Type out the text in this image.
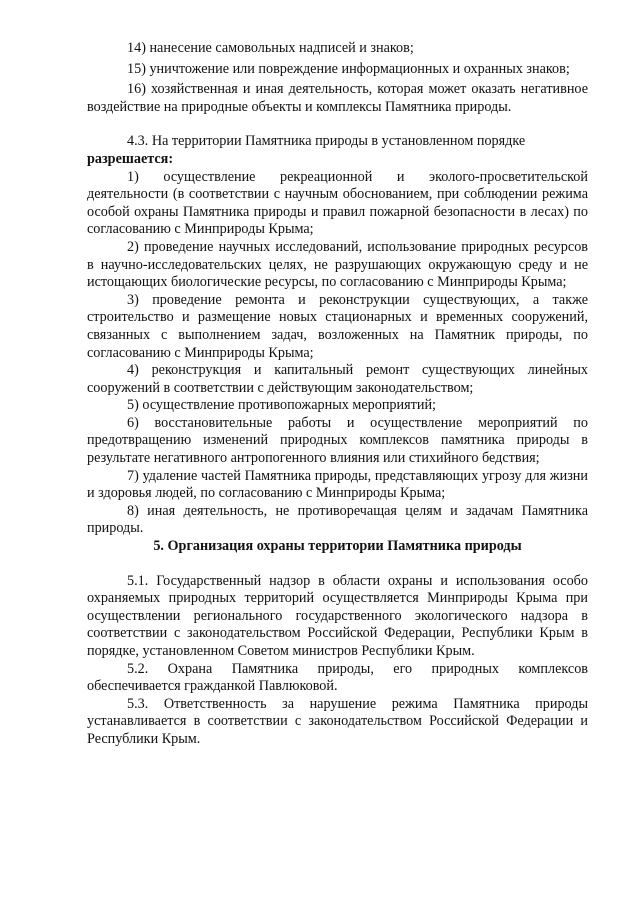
14) нанесение самовольных надписей и знаков;

15) уничтожение или повреждение информационных и охранных знаков;

16) хозяйственная и иная деятельность, которая может оказать негативное воздействие на природные объекты и комплексы Памятника природы.

4.3. На территории Памятника природы в установленном порядке

разрешается:

1) осуществление рекреационной и эколого-просветительской деятельности (в соответствии с научным обоснованием, при соблюдении режима особой охраны Памятника природы и правил пожарной безопасности в лесах) по согласованию с Минприроды Крыма;

2) проведение научных исследований, использование природных ресурсов в научно-исследовательских целях, не разрушающих окружающую среду и не истощающих биологические ресурсы, по согласованию с Минприроды Крыма;

3) проведение ремонта и реконструкции существующих, а также строительство и размещение новых стационарных и временных сооружений, связанных с выполнением задач, возложенных на Памятник природы, по согласованию с Минприроды Крыма;

4) реконструкция и капитальный ремонт существующих линейных сооружений в соответствии с действующим законодательством;

5) осуществление противопожарных мероприятий;

6) восстановительные работы и осуществление мероприятий по предотвращению изменений природных комплексов памятника природы в результате негативного антропогенного влияния или стихийного бедствия;

7) удаление частей Памятника природы, представляющих угрозу для жизни и здоровья людей, по согласованию с Минприроды Крыма;

8) иная деятельность, не противоречащая целям и задачам Памятника природы.

5. Организация охраны территории Памятника природы

5.1. Государственный надзор в области охраны и использования особо охраняемых природных территорий осуществляется Минприроды Крыма при осуществлении регионального государственного экологического надзора в соответствии с законодательством Российской Федерации, Республики Крым в порядке, установленном Советом министров Республики Крым.

5.2. Охрана Памятника природы, его природных комплексов обеспечивается гражданкой Павлюковой.

5.3. Ответственность за нарушение режима Памятника природы устанавливается в соответствии с законодательством Российской Федерации и Республики Крым.
